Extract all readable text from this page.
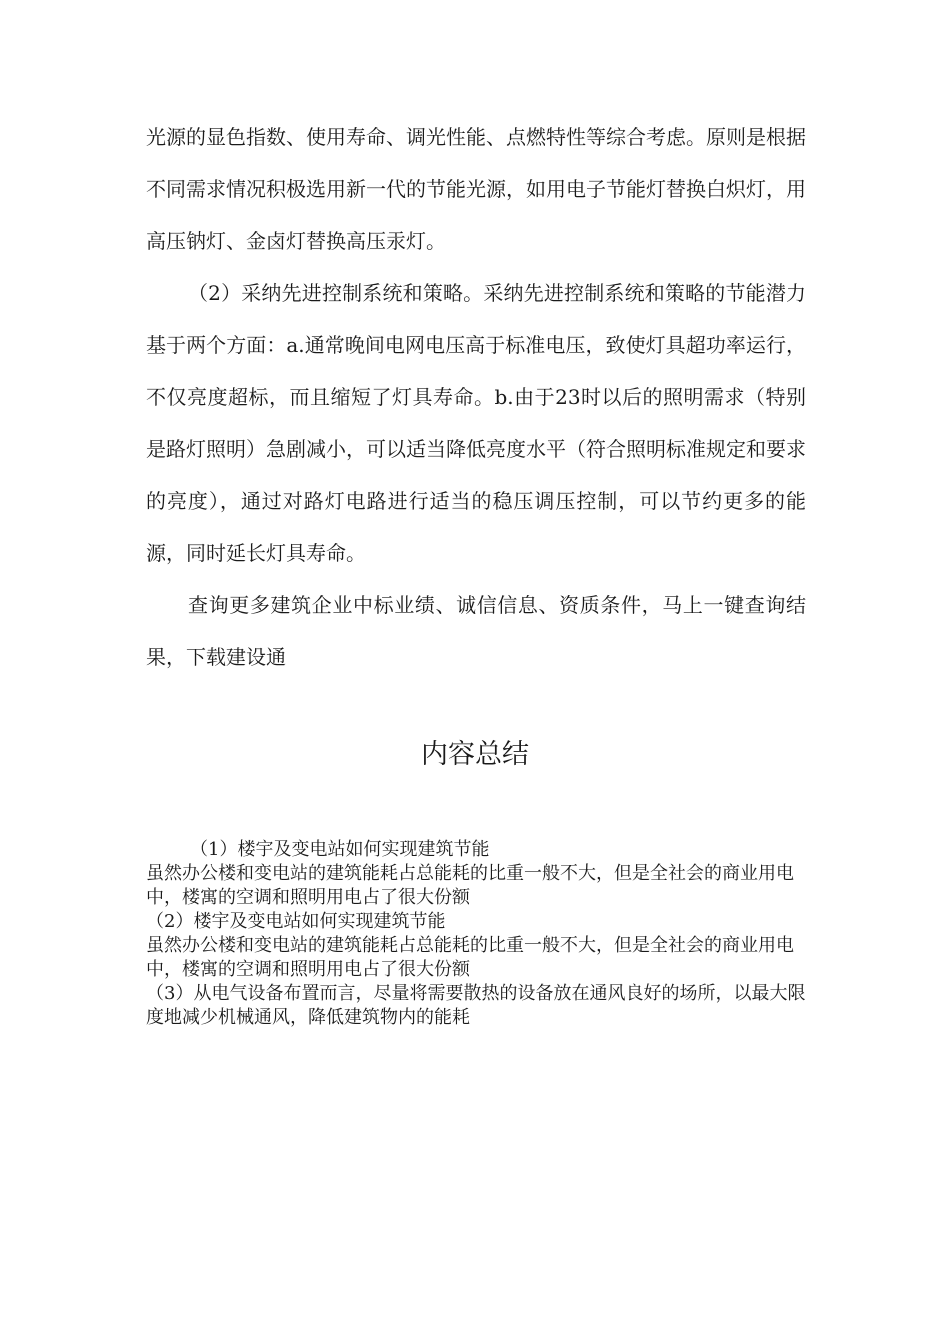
光源的显色指数、使用寿命、调光性能、点燃特性等综合考虑。原则是根据不同需求情况积极选用新一代的节能光源，如用电子节能灯替换白炽灯，用高压钠灯、金卤灯替换高压汞灯。

（2）采纳先进控制系统和策略。采纳先进控制系统和策略的节能潜力基于两个方面：a.通常晚间电网电压高于标准电压，致使灯具超功率运行，不仅亮度超标，而且缩短了灯具寿命。b.由于23时以后的照明需求（特别是路灯照明）急剧减小，可以适当降低亮度水平（符合照明标准规定和要求的亮度），通过对路灯电路进行适当的稳压调压控制，可以节约更多的能源，同时延长灯具寿命。

查询更多建筑企业中标业绩、诚信信息、资质条件，马上一键查询结果，下载建设通

内容总结

（1）楼宇及变电站如何实现建筑节能

虽然办公楼和变电站的建筑能耗占总能耗的比重一般不大，但是全社会的商业用电中，楼寓的空调和照明用电占了很大份额

（2）楼宇及变电站如何实现建筑节能

虽然办公楼和变电站的建筑能耗占总能耗的比重一般不大，但是全社会的商业用电中，楼寓的空调和照明用电占了很大份额

（3）从电气设备布置而言，尽量将需要散热的设备放在通风良好的场所，以最大限度地减少机械通风，降低建筑物内的能耗
